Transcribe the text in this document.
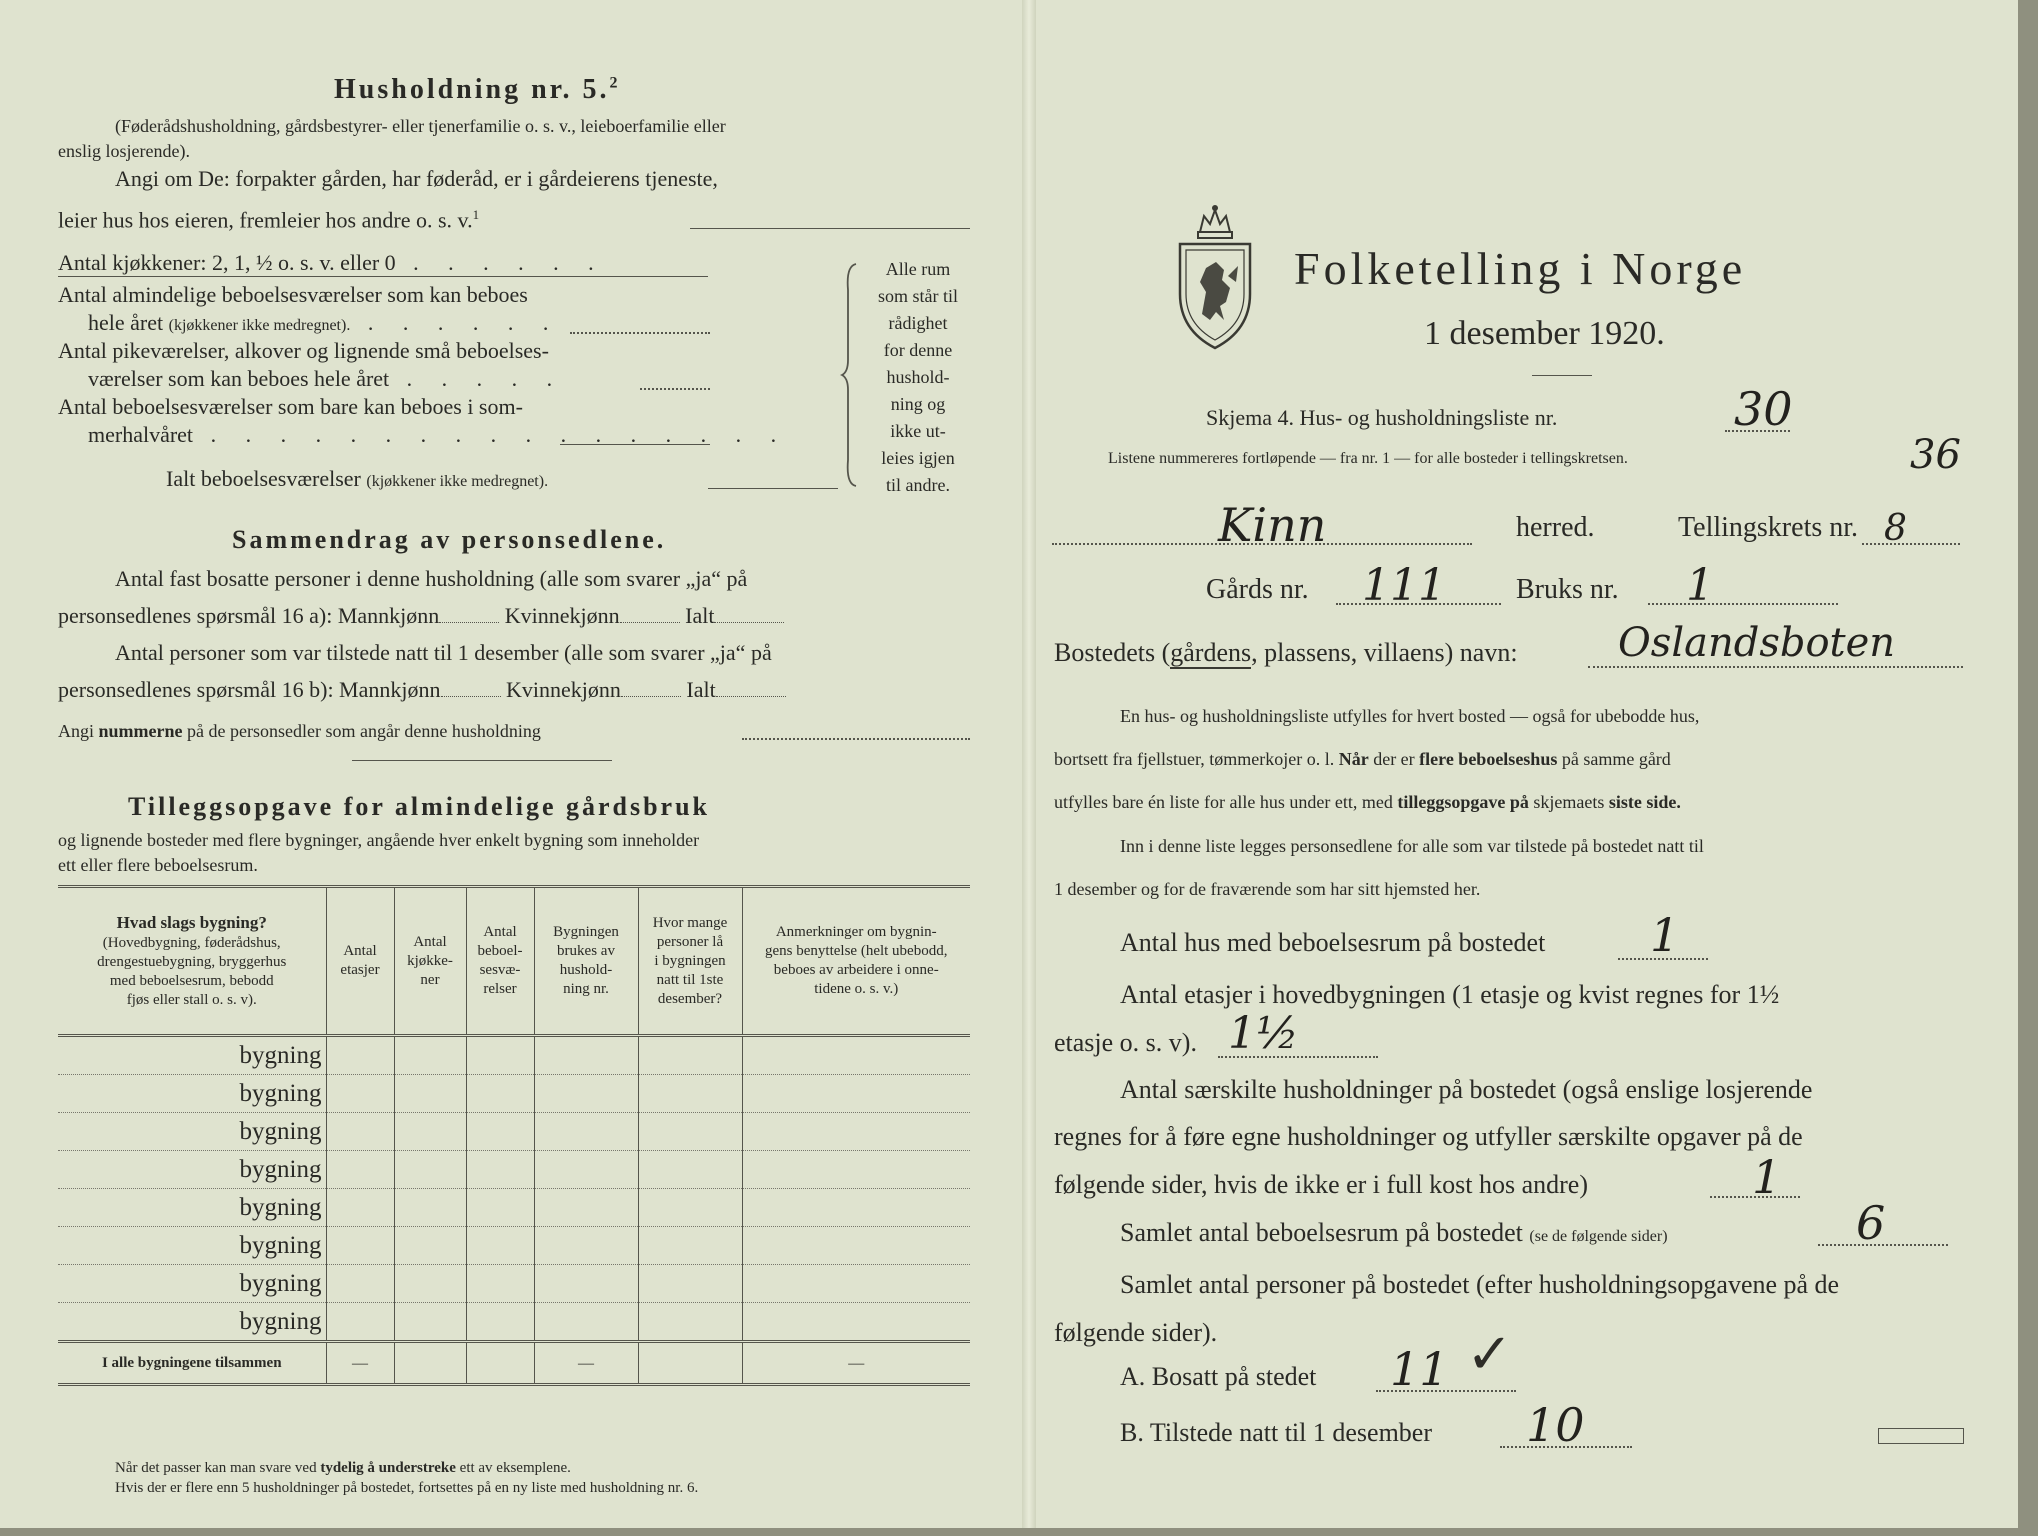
Husholdning nr. 5.$^2$
(Føderådshusholdning, gårdsbestyrer- eller tjenerfamilie o. s. v., leieboerfamilie eller
enslig losjerende).
Angi om De: forpakter gården, har føderåd, er i gårdeierens tjeneste,
leier hus hos eieren, fremleier hos andre o. s. v.$^1$
Antal kjøkkener: 2, 1, ½ o. s. v. eller 0 . . . . . .
Antal almindelige beboelsesværelser som kan beboes
hele året (kjøkkener ikke medregnet). . . . . . .
Antal pikeværelser, alkover og lignende små beboelses-
værelser som kan beboes hele året . . . . .
Antal beboelsesværelser som bare kan beboes i som-
merhalvåret . . . . . . . . . . . . . . . . .
Ialt beboelsesværelser (kjøkkener ikke medregnet).
Alle rum
som står til
rådighet
for denne
hushold-
ning og
ikke ut-
leies igjen
til andre.
Sammendrag av personsedlene.
Antal fast bosatte personer i denne husholdning (alle som svarer „ja“ på
personsedlenes spørsmål 16 a): Mannkjønn	Kvinnekjønn	Ialt
Antal personer som var tilstede natt til 1 desember (alle som svarer „ja“ på
personsedlenes spørsmål 16 b): Mannkjønn	Kvinnekjønn	Ialt
Angi nummerne på de personsedler som angår denne husholdning
Tilleggsopgave for almindelige gårdsbruk
og lignende bosteder med flere bygninger, angående hver enkelt bygning som inneholder
ett eller flere beboelsesrum.
Hvad slags bygning?
(Hovedbygning, føderådshus,
drengestuebygning, bryggerhus
med beboelsesrum, bebodd
fjøs eller stall o. s. v).	Antal
etasjer	Antal
kjøkke-
ner	Antal
beboel-
sesvæ-
relser	Bygningen
brukes av
hushold-
ning nr.	Hvor mange
personer lå
i bygningen
natt til 1ste
desember?	Anmerkninger om bygnin-
gens benyttelse (helt ubebodd,
beboes av arbeidere i onne-
tidene o. s. v.)
bygning						
bygning						
bygning						
bygning						
bygning						
bygning						
bygning						
bygning						
I alle bygningene tilsammen	—			—		—
Når det passer kan man svare ved tydelig å understreke ett av eksemplene.
Hvis der er flere enn 5 husholdninger på bostedet, fortsettes på en ny liste med husholdning nr. 6.
Folketelling i Norge
1 desember 1920.
Skjema 4. Hus- og husholdningsliste nr.	30
Listene nummereres fortløpende — fra nr. 1 — for alle bosteder i tellingskretsen.	36
Kinn	herred.	Tellingskrets nr. 8
Gårds nr. 111	Bruks nr. 1
Bostedets (gårdens, plassens, villaens) navn:	Oslandsboten
En hus- og husholdningsliste utfylles for hvert bosted — også for ubebodde hus,
bortsett fra fjellstuer, tømmerkojer o. l. Når der er flere beboelseshus på samme gård
utfylles bare én liste for alle hus under ett, med tilleggsopgave på skjemaets siste side.
Inn i denne liste legges personsedlene for alle som var tilstede på bostedet natt til
1 desember og for de fraværende som har sitt hjemsted her.
Antal hus med beboelsesrum på bostedet 1
Antal etasjer i hovedbygningen (1 etasje og kvist regnes for 1½
etasje o. s. v). 1½
Antal særskilte husholdninger på bostedet (også enslige losjerende
regnes for å føre egne husholdninger og utfyller særskilte opgaver på de
følgende sider, hvis de ikke er i full kost hos andre)	1
Samlet antal beboelsesrum på bostedet (se de følgende sider)	6
Samlet antal personer på bostedet (efter husholdningsopgavene på de
følgende sider).
A. Bosatt på stedet 11 ✓
B. Tilstede natt til 1 desember 10
